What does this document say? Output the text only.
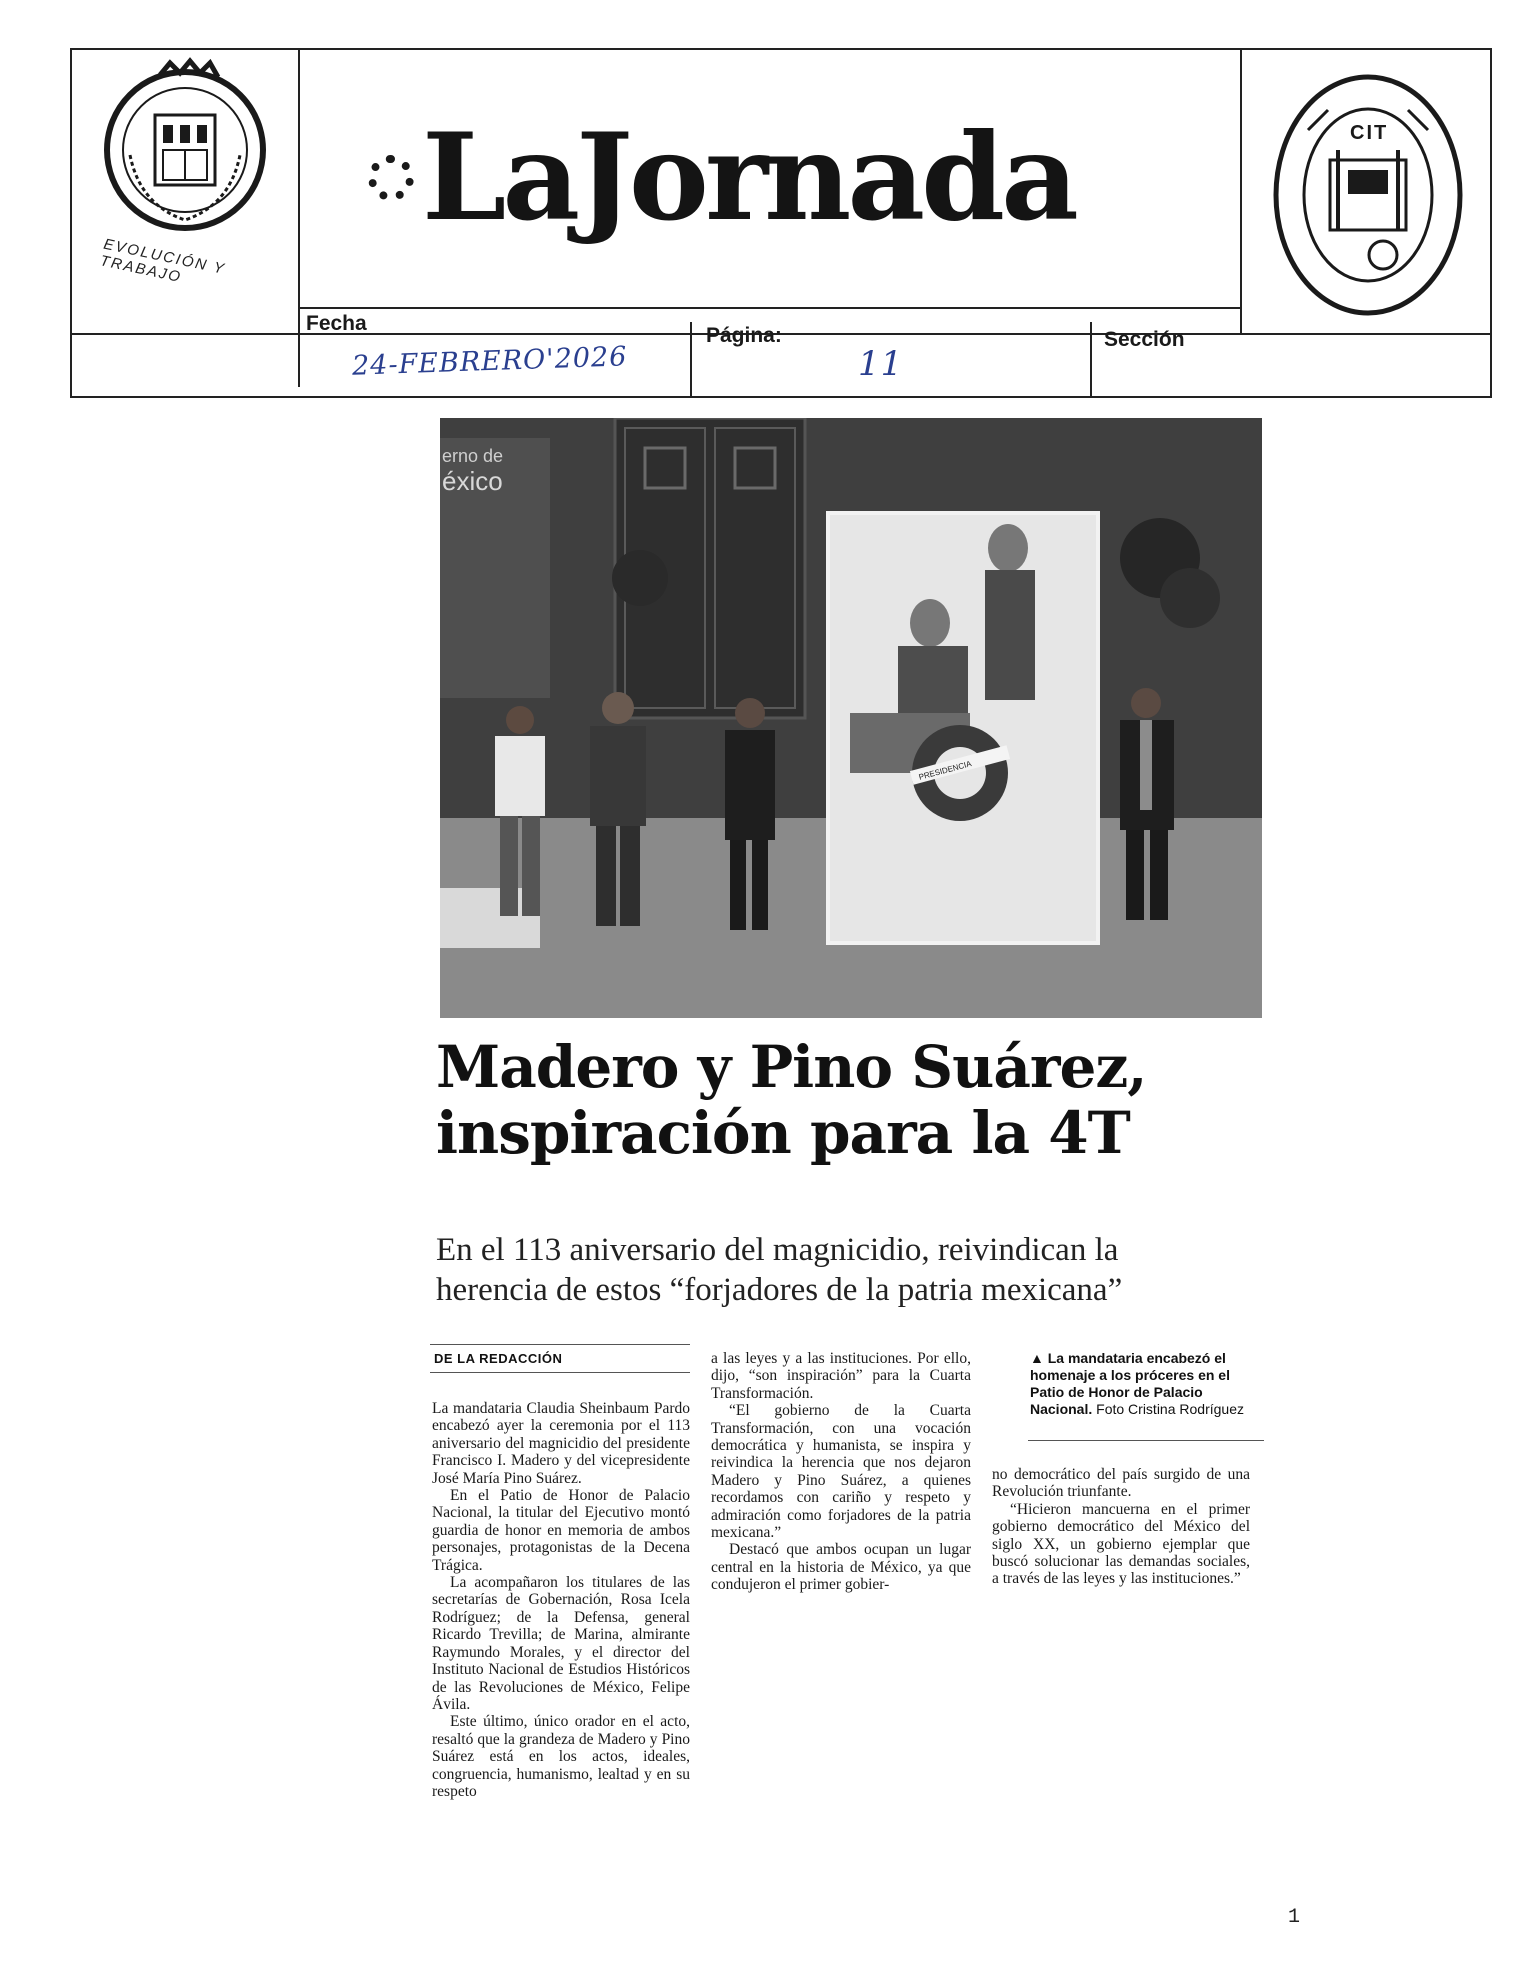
EVOLUCIÓN Y TRABAJO
LaJornada	CIT
Fecha
24-FEBRERO'2026
Página:
11
Sección
erno de
éxico
PRESIDENCIA
Madero y Pino Suárez,
inspiración para la 4T
En el 113 aniversario del magnicidio, reivindican la
herencia de estos “forjadores de la patria mexicana”
DE LA REDACCIÓN

La mandataria Claudia Sheinbaum Pardo encabezó ayer la ceremonia por el 113 aniversario del magnicidio del presidente Francisco I. Madero y del vicepresidente José María Pino Suárez.

En el Patio de Honor de Palacio Nacional, la titular del Ejecutivo montó guardia de honor en memoria de ambos personajes, protagonistas de la Decena Trágica.

La acompañaron los titulares de las secretarías de Gobernación, Rosa Icela Rodríguez; de la Defensa, general Ricardo Trevilla; de Marina, almirante Raymundo Morales, y el director del Instituto Nacional de Estudios Históricos de las Revoluciones de México, Felipe Ávila.

Este último, único orador en el acto, resaltó que la grandeza de Madero y Pino Suárez está en los actos, ideales, congruencia, humanismo, lealtad y en su respeto

a las leyes y a las instituciones. Por ello, dijo, “son inspiración” para la Cuarta Transformación.

“El gobierno de la Cuarta Transformación, con una vocación democrática y humanista, se inspira y reivindica la herencia que nos dejaron Madero y Pino Suárez, a quienes recordamos con cariño y respeto y admiración como forjadores de la patria mexicana.”

Destacó que ambos ocupan un lugar central en la historia de México, ya que condujeron el primer gobier-

▲ La mandataria encabezó el homenaje a los próceres en el Patio de Honor de Palacio Nacional. Foto Cristina Rodríguez

no democrático del país surgido de una Revolución triunfante.

“Hicieron mancuerna en el primer gobierno democrático del México del siglo XX, un gobierno ejemplar que buscó solucionar las demandas sociales, a través de las leyes y las instituciones.”

1
